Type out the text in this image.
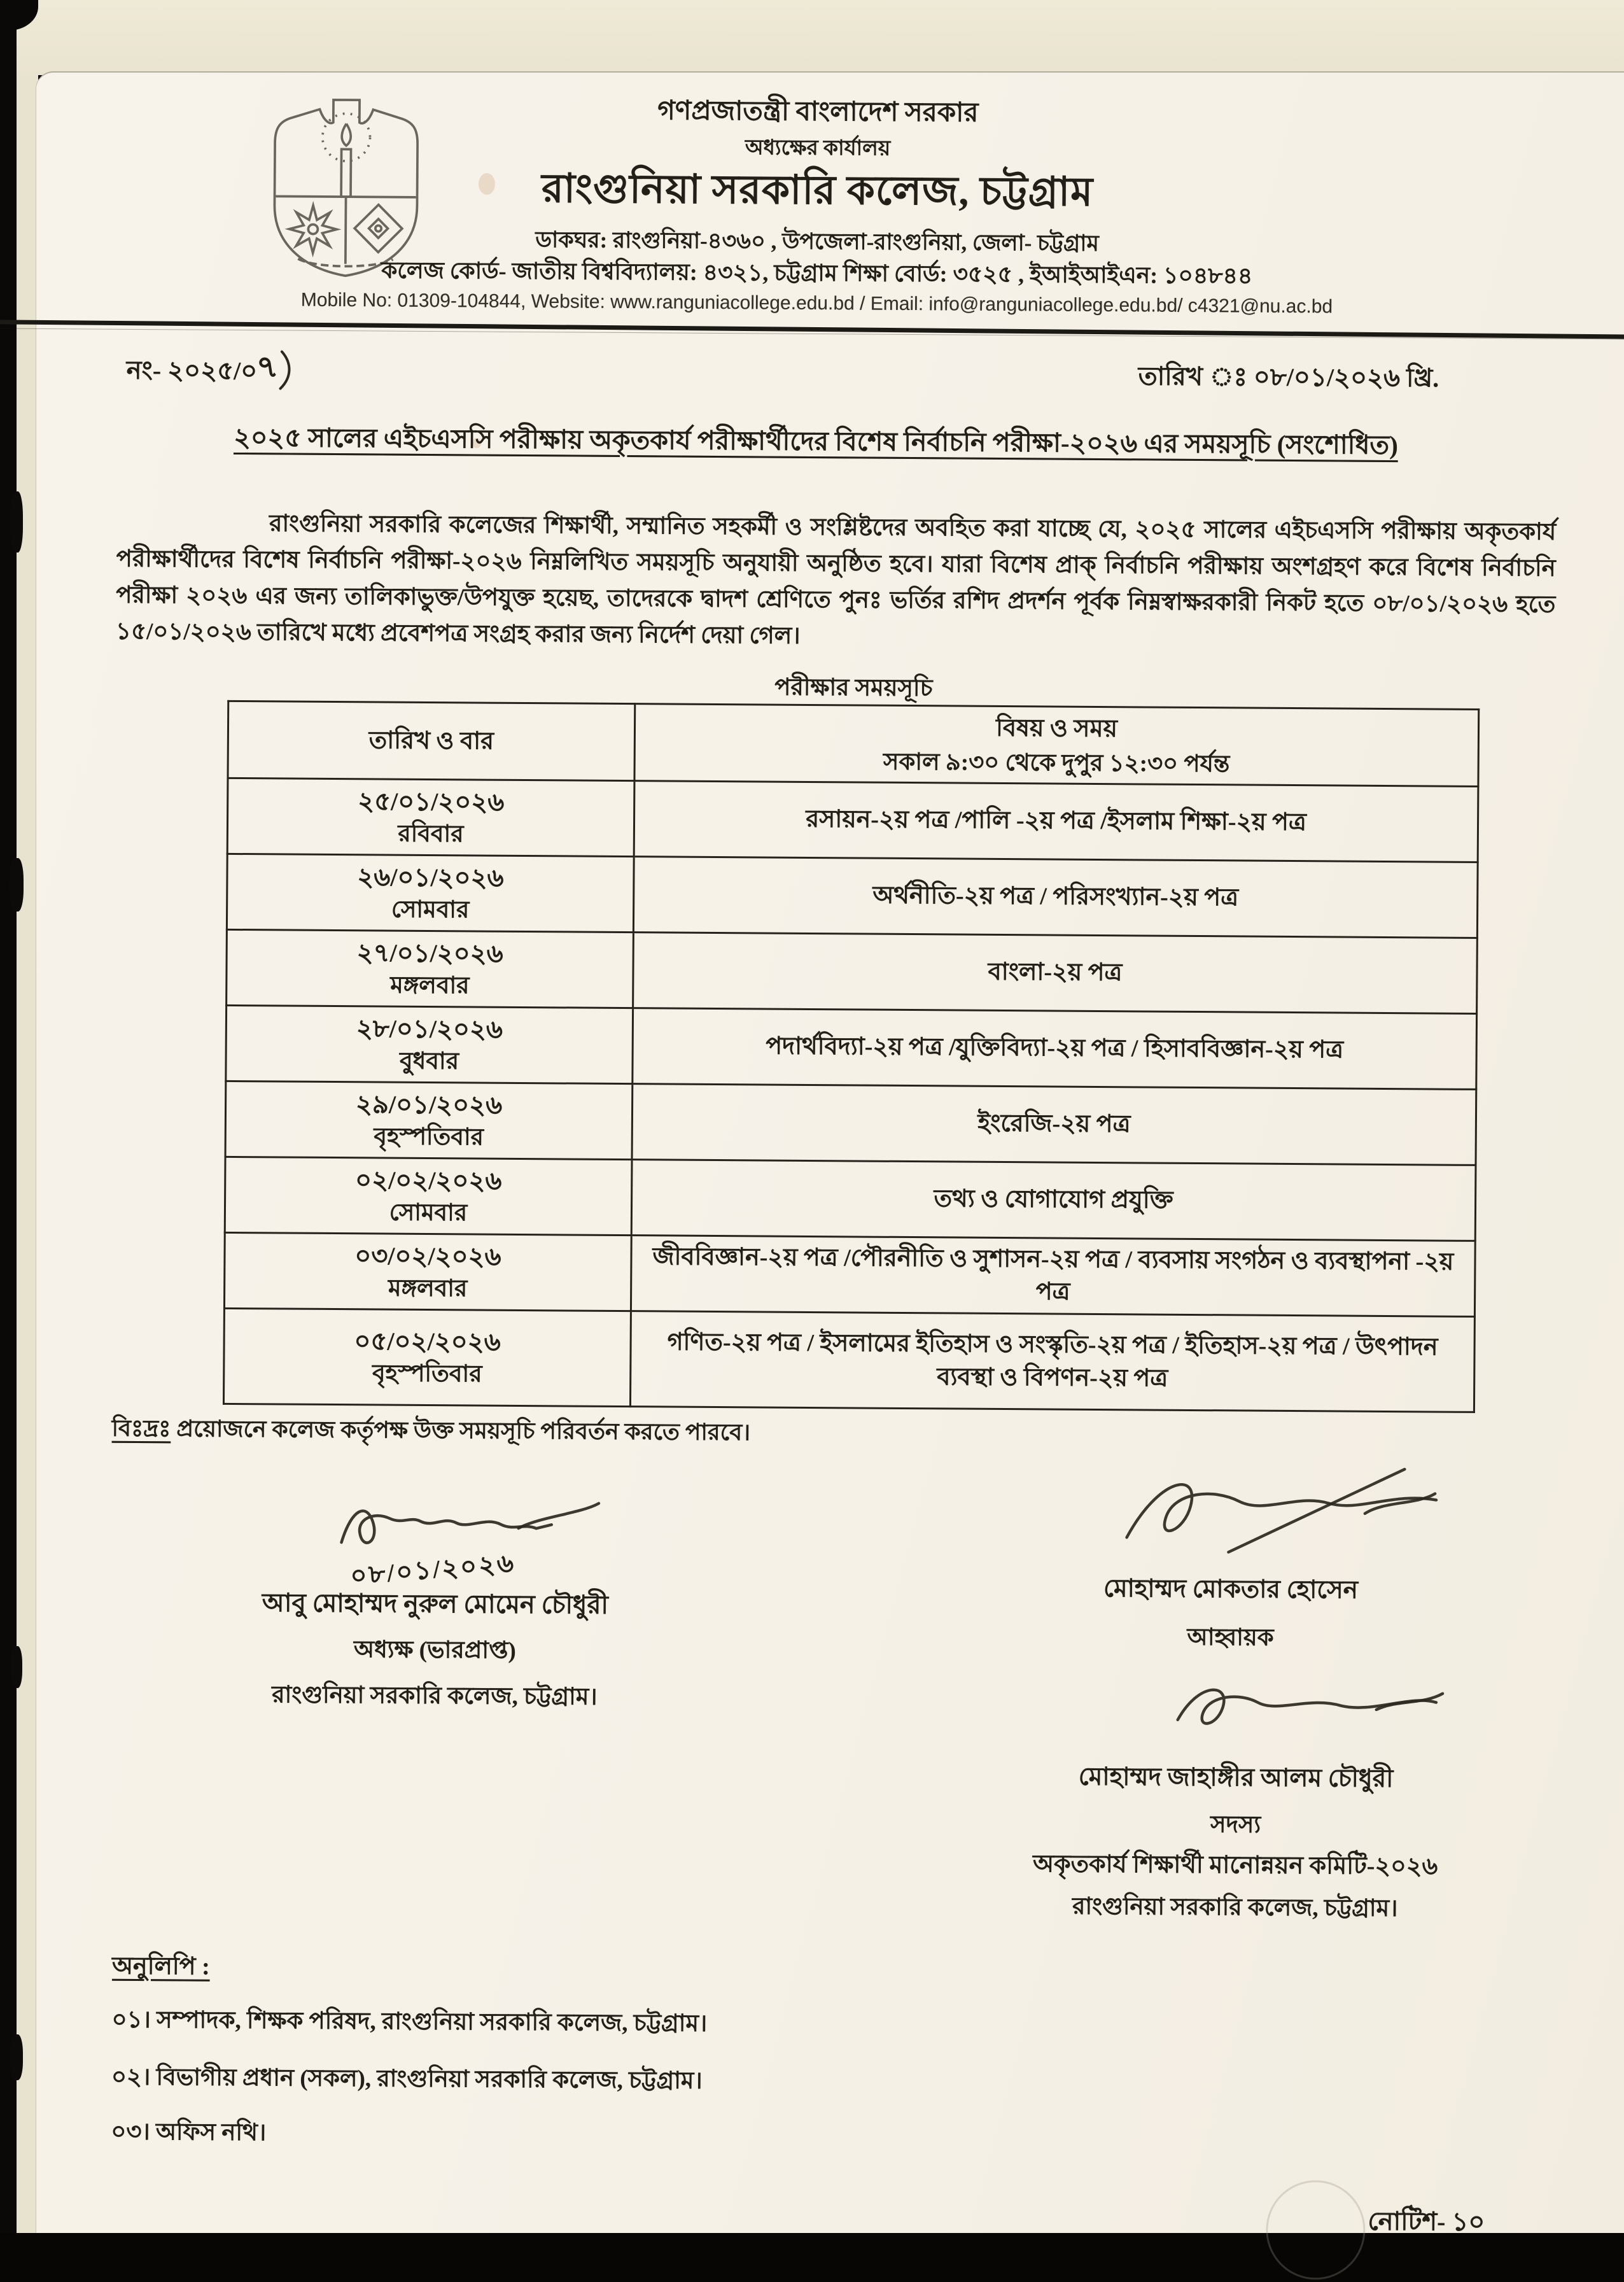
গণপ্রজাতন্ত্রী বাংলাদেশ সরকার
অধ্যক্ষের কার্যালয়
রাংগুনিয়া সরকারি কলেজ, চট্টগ্রাম
ডাকঘর: রাংগুনিয়া-৪৩৬০ , উপজেলা-রাংগুনিয়া, জেলা- চট্টগ্রাম
কলেজ কোর্ড- জাতীয় বিশ্ববিদ্যালয়: ৪৩২১, চট্টগ্রাম শিক্ষা বোর্ড: ৩৫২৫ , ইআইআইএন: ১০৪৮৪৪
Mobile No: 01309-104844, Website: www.ranguniacollege.edu.bd / Email: info@ranguniacollege.edu.bd/ c4321@nu.ac.bd
নং- ২০২৫/০৭	তারিখ ঃ ০৮/০১/২০২৬ খ্রি.
২০২৫ সালের এইচএসসি পরীক্ষায় অকৃতকার্য পরীক্ষার্থীদের বিশেষ নির্বাচনি পরীক্ষা-২০২৬ এর সময়সূচি (সংশোধিত)
রাংগুনিয়া সরকারি কলেজের শিক্ষার্থী, সম্মানিত সহকর্মী ও সংশ্লিষ্টদের অবহিত করা যাচ্ছে যে, ২০২৫ সালের এইচএসসি পরীক্ষায় অকৃতকার্য পরীক্ষার্থীদের বিশেষ নির্বাচনি পরীক্ষা-২০২৬ নিম্নলিখিত সময়সূচি অনুযায়ী অনুষ্ঠিত হবে। যারা বিশেষ প্রাক্ নির্বাচনি পরীক্ষায় অংশগ্রহণ করে বিশেষ নির্বাচনি পরীক্ষা ২০২৬ এর জন্য তালিকাভুক্ত/উপযুক্ত হয়েছ, তাদেরকে দ্বাদশ শ্রেণিতে পুনঃ ভর্তির রশিদ প্রদর্শন পূর্বক নিম্নস্বাক্ষরকারী নিকট হতে ০৮/০১/২০২৬ হতে ১৫/০১/২০২৬ তারিখে মধ্যে প্রবেশপত্র সংগ্রহ করার জন্য নির্দেশ দেয়া গেল।
পরীক্ষার সময়সূচি
তারিখ ও বার	বিষয় ও সময়
সকাল ৯:৩০ থেকে দুপুর ১২:৩০ পর্যন্ত

২৫/০১/২০২৬
রবিবার	রসায়ন-২য় পত্র /পালি -২য় পত্র /ইসলাম শিক্ষা-২য় পত্র

২৬/০১/২০২৬
সোমবার	অর্থনীতি-২য় পত্র / পরিসংখ্যান-২য় পত্র

২৭/০১/২০২৬
মঙ্গলবার	বাংলা-২য় পত্র

২৮/০১/২০২৬
বুধবার	পদার্থবিদ্যা-২য় পত্র /যুক্তিবিদ্যা-২য় পত্র / হিসাববিজ্ঞান-২য় পত্র

২৯/০১/২০২৬
বৃহস্পতিবার	ইংরেজি-২য় পত্র

০২/০২/২০২৬
সোমবার	তথ্য ও যোগাযোগ প্রযুক্তি

০৩/০২/২০২৬
মঙ্গলবার	জীববিজ্ঞান-২য় পত্র /পৌরনীতি ও সুশাসন-২য় পত্র / ব্যবসায় সংগঠন ও ব্যবস্থাপনা -২য় পত্র

০৫/০২/২০২৬
বৃহস্পতিবার	গণিত-২য় পত্র / ইসলামের ইতিহাস ও সংস্কৃতি-২য় পত্র / ইতিহাস-২য় পত্র / উৎপাদন ব্যবস্থা ও বিপণন-২য় পত্র
বিঃদ্রঃ প্রয়োজনে কলেজ কর্তৃপক্ষ উক্ত সময়সূচি পরিবর্তন করতে পারবে।
০৮/০১/২০২৬
আবু মোহাম্মদ নুরুল মোমেন চৌধুরী
অধ্যক্ষ (ভারপ্রাপ্ত)
রাংগুনিয়া সরকারি কলেজ, চট্টগ্রাম।
মোহাম্মদ মোকতার হোসেন
আহ্বায়ক
মোহাম্মদ জাহাঙ্গীর আলম চৌধুরী
সদস্য
অকৃতকার্য শিক্ষার্থী মানোন্নয়ন কমিটি-২০২৬
রাংগুনিয়া সরকারি কলেজ, চট্টগ্রাম।
অনুলিপি :
০১। সম্পাদক, শিক্ষক পরিষদ, রাংগুনিয়া সরকারি কলেজ, চট্টগ্রাম।
০২। বিভাগীয় প্রধান (সকল), রাংগুনিয়া সরকারি কলেজ, চট্টগ্রাম।
০৩। অফিস নথি।
নোটিশ- ১০
